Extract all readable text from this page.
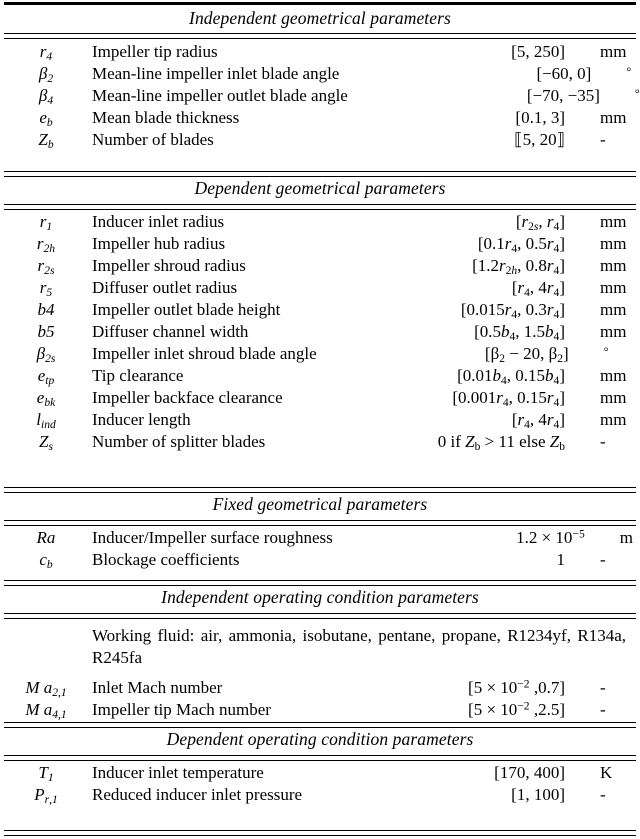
Independent geometrical parameters
Dependent geometrical parameters
Fixed geometrical parameters
Independent operating condition parameters
Dependent operating condition parameters
Working fluid: air, ammonia, isobutane, pentane, propane, R1234yf, R134a, R245fa
$r_4$	Impeller tip radius	[5, 250]	mm
$\beta_2$	Mean-line impeller inlet blade angle	[−60, 0]	°
$\beta_4$	Mean-line impeller outlet blade angle	[−70, −35]	°
$e_b$	Mean blade thickness	[0.1, 3]	mm
$Z_b$	Number of blades	⟦5, 20⟧	-
$r_1$	Inducer inlet radius	[$r_{2s}$, $r_4$]	mm
$r_{2h}$	Impeller hub radius	[$0.1r_4$, $0.5r_4$]	mm
$r_{2s}$	Impeller shroud radius	[$1.2r_{2h}$, $0.8r_4$]	mm
$r_5$	Diffuser outlet radius	[$r_4$, $4r_4$]	mm
b4	Impeller outlet blade height	[$0.015r_4$, $0.3r_4$]	mm
b5	Diffuser channel width	[$0.5b_4$, $1.5b_4$]	mm
$\beta_{2s}$	Impeller inlet shroud blade angle	[$\beta_2 - 20$, $\beta_2$]	°
$e_{tp}$	Tip clearance	[$0.01b_4$, $0.15b_4$]	mm
$e_{bk}$	Impeller backface clearance	[$0.001r_4$, $0.15r_4$]	mm
$l_{ind}$	Inducer length	[$r_4$, $4r_4$]	mm
$Z_s$	Number of splitter blades	0 if $Z_b > 11$ else $Z_b$	-
Ra	Inducer/Impeller surface roughness	$1.2 \times 10^{-5}$	m
$c_b$	Blockage coefficients	1	-
M $a_{2,1}$	Inlet Mach number	[$5 \times 10^{-2}$ ,0.7]	-
M $a_{4,1}$	Impeller tip Mach number	[$5 \times 10^{-2}$ ,2.5]	-
$T_1$	Inducer inlet temperature	[170, 400]	K
$P_{r,1}$	Reduced inducer inlet pressure	[1, 100]	-
